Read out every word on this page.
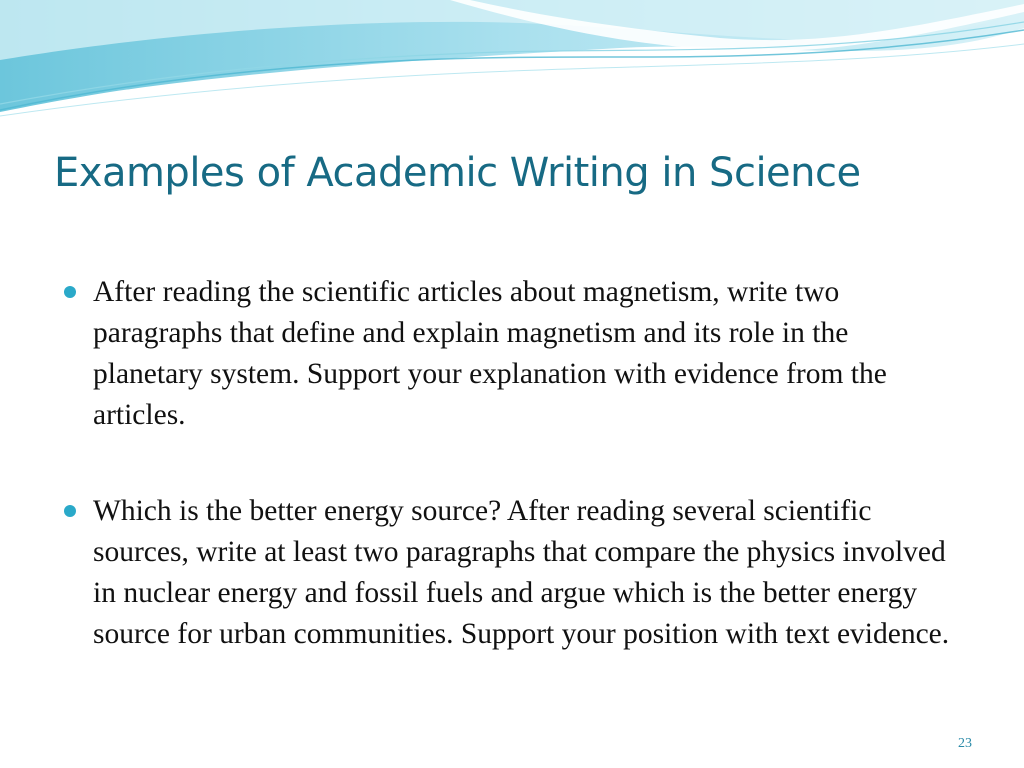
Examples of Academic Writing in Science
After reading the scientific articles about magnetism, write two paragraphs that define and explain magnetism and its role in the planetary system. Support your explanation with evidence from the articles.
Which is the better energy source? After reading several scientific sources, write at least two paragraphs that compare the physics involved in nuclear energy and fossil fuels and argue which is the better energy source for urban communities. Support your position with text evidence.
23
